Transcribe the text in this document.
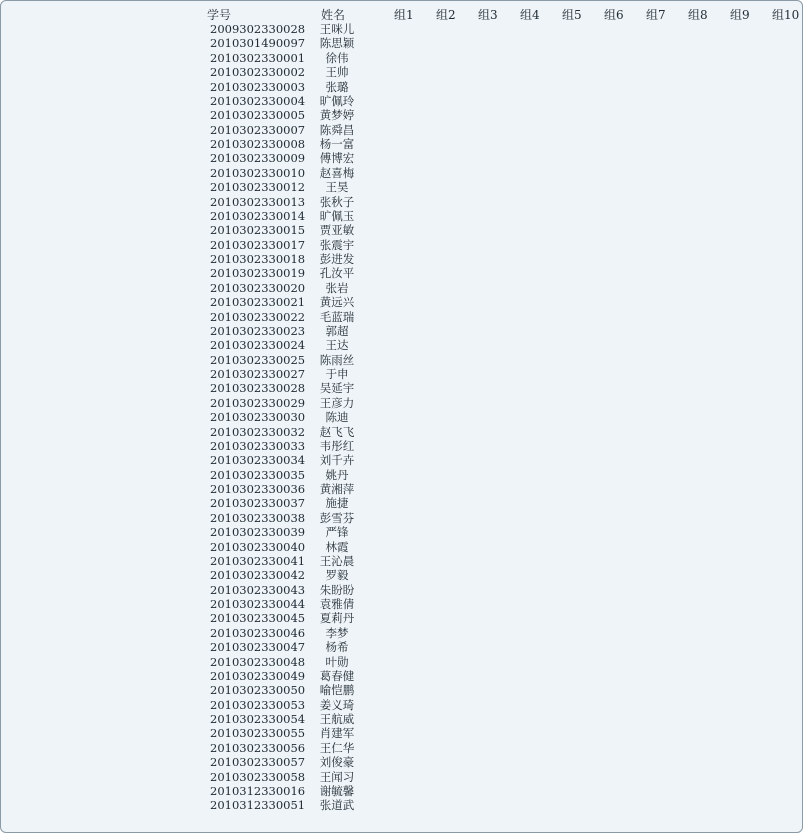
学号	姓名	组1 组2 组3 组4 组5 组6 组7 组8 组9 组10
2009302330028	王咪儿
2010301490097	陈思颖
2010302330001	徐伟
2010302330002	王帅
2010302330003	张璐
2010302330004	旷佩玲
2010302330005	黄梦婷
2010302330007	陈舜昌
2010302330008	杨一富
2010302330009	傅博宏
2010302330010	赵喜梅
2010302330012	王昊
2010302330013	张秋子
2010302330014	旷佩玉
2010302330015	贾亚敏
2010302330017	张震宇
2010302330018	彭进发
2010302330019	孔汝平
2010302330020	张岩
2010302330021	黄远兴
2010302330022	毛蓝瑞
2010302330023	郭超
2010302330024	王达
2010302330025	陈雨丝
2010302330027	于申
2010302330028	吴延宇
2010302330029	王彦力
2010302330030	陈迪
2010302330032	赵飞飞
2010302330033	韦彤红
2010302330034	刘千卉
2010302330035	姚丹
2010302330036	黄湘萍
2010302330037	施捷
2010302330038	彭雪芬
2010302330039	严锋
2010302330040	林霞
2010302330041	王沁晨
2010302330042	罗毅
2010302330043	朱盼盼
2010302330044	袁雅倩
2010302330045	夏莉丹
2010302330046	李梦
2010302330047	杨希
2010302330048	叶勋
2010302330049	葛春健
2010302330050	喻恺鹏
2010302330053	姜义琦
2010302330054	王航威
2010302330055	肖建军
2010302330056	王仁华
2010302330057	刘俊豪
2010302330058	王闻习
2010312330016	谢毓馨
2010312330051	张道武
